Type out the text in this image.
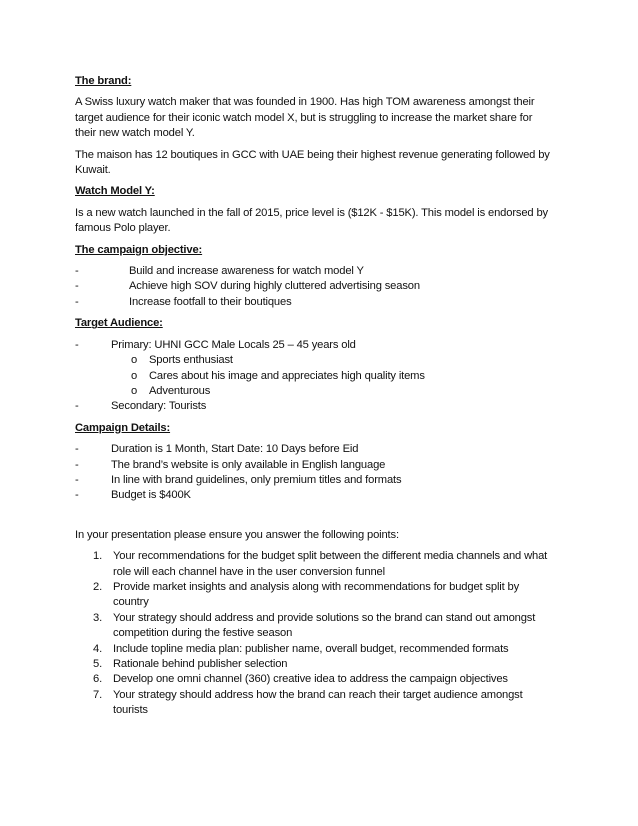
The brand:

A Swiss luxury watch maker that was founded in 1900. Has high TOM awareness amongst their target audience for their iconic watch model X, but is struggling to increase the market share for their new watch model Y.

The maison has 12 boutiques in GCC with UAE being their highest revenue generating followed by Kuwait.

Watch Model Y:

Is a new watch launched in the fall of 2015, price level is ($12K - $15K). This model is endorsed by famous Polo player.

The campaign objective:
-	Build and increase awareness for watch model Y
-	Achieve high SOV during highly cluttered advertising season
-	Increase footfall to their boutiques
Target Audience:
-	Primary: UHNI GCC Male Locals 25 – 45 years old
o Sports enthusiast
o Cares about his image and appreciates high quality items
o Adventurous
-	Secondary: Tourists
Campaign Details:
-	Duration is 1 Month, Start Date: 10 Days before Eid
-	The brand’s website is only available in English language
-	In line with brand guidelines, only premium titles and formats
-	Budget is $400K

In your presentation please ensure you answer the following points:

1. Your recommendations for the budget split between the different media channels and what role will each channel have in the user conversion funnel
2. Provide market insights and analysis along with recommendations for budget split by country
3. Your strategy should address and provide solutions so the brand can stand out amongst competition during the festive season
4. Include topline media plan: publisher name, overall budget, recommended formats
5. Rationale behind publisher selection
6. Develop one omni channel (360) creative idea to address the campaign objectives
7. Your strategy should address how the brand can reach their target audience amongst tourists
